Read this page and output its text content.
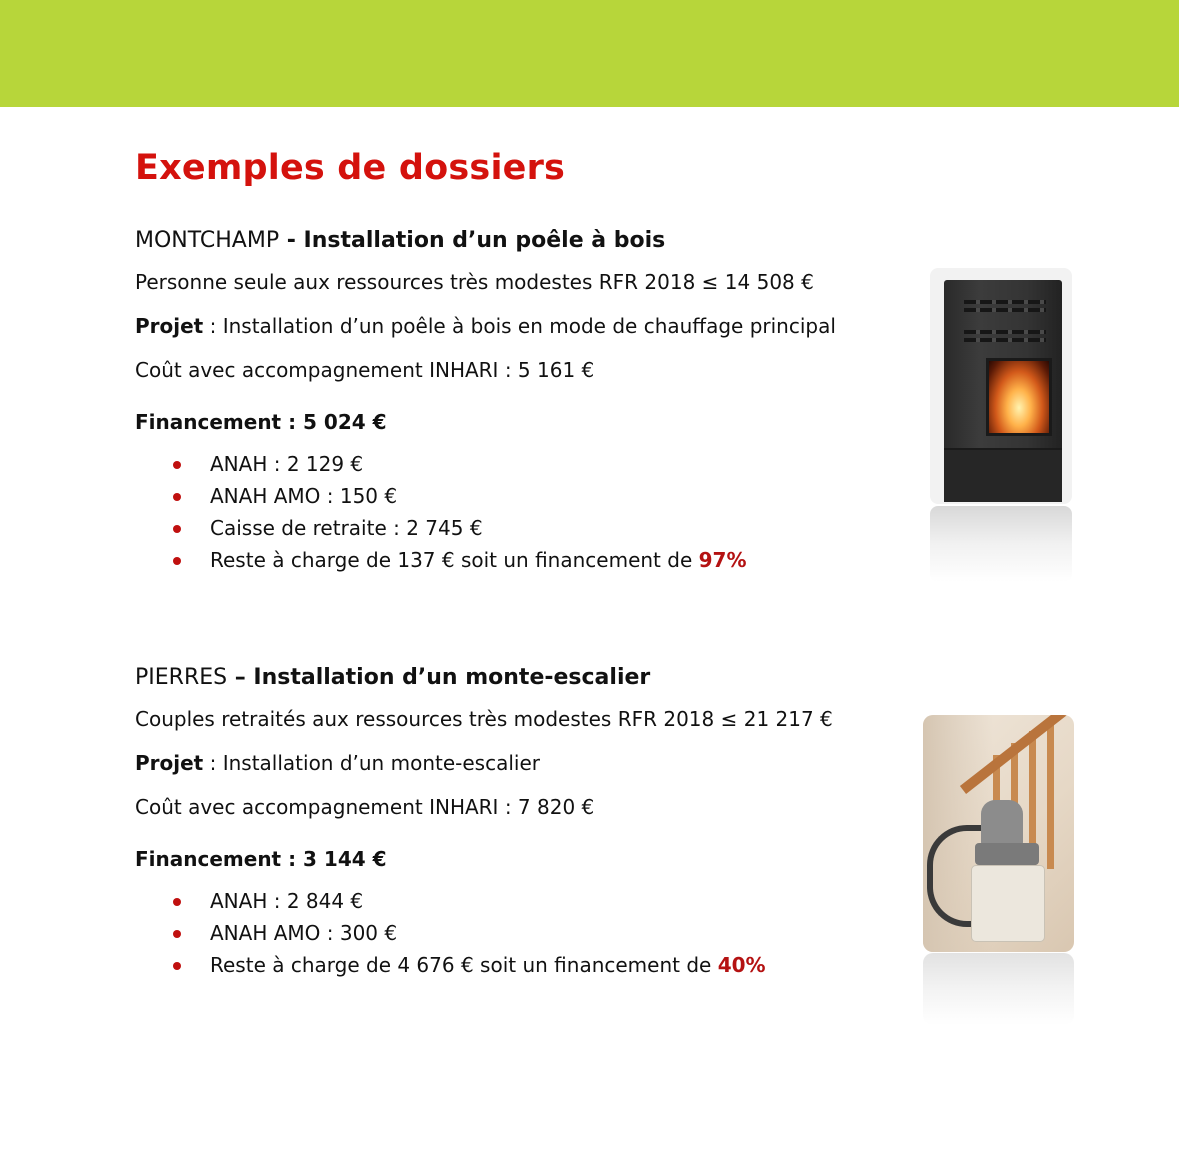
Exemples de dossiers
MONTCHAMP - Installation d’un poêle à bois
Personne seule aux ressources très modestes RFR 2018 ≤ 14 508 €
Projet : Installation d’un poêle à bois en mode de chauffage principal
Coût avec accompagnement INHARI : 5 161 €
Financement : 5 024 €
ANAH : 2 129 €
ANAH AMO : 150 €
Caisse de retraite : 2 745 €
Reste à charge de 137 € soit un financement de 97%
PIERRES – Installation d’un monte-escalier
Couples retraités aux ressources très modestes RFR 2018 ≤ 21 217 €
Projet : Installation d’un monte-escalier
Coût avec accompagnement INHARI : 7 820 €
Financement : 3 144 €
ANAH : 2 844 €
ANAH AMO : 300 €
Reste à charge de 4 676 € soit un financement de 40%
